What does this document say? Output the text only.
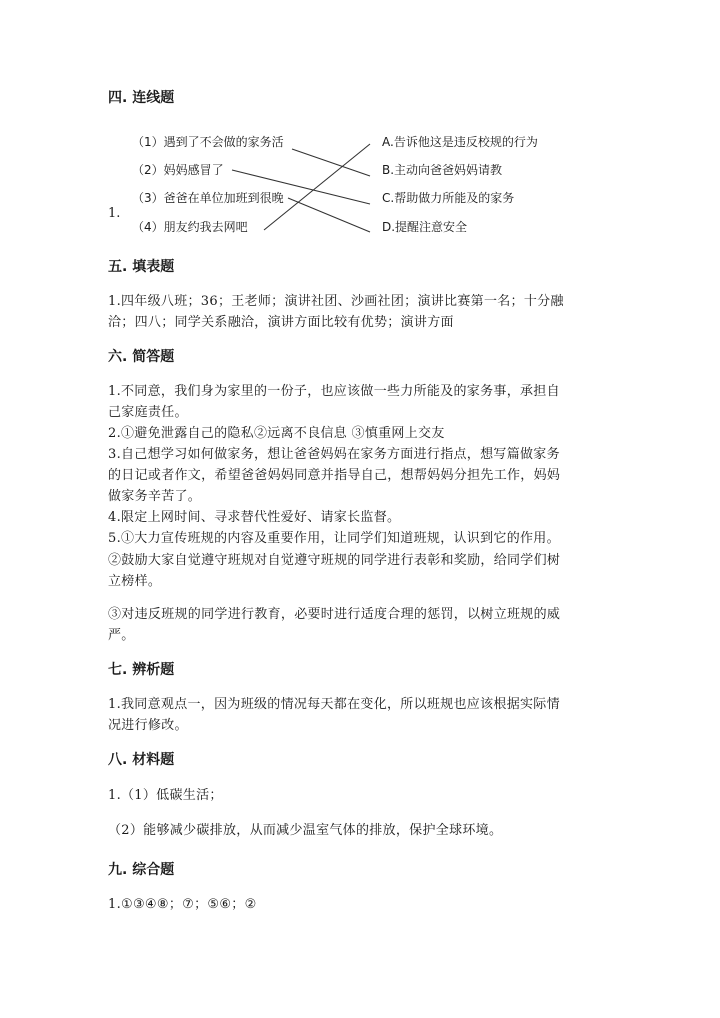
四. 连线题
1.
（1）遇到了不会做的家务活
（2）妈妈感冒了
（3）爸爸在单位加班到很晚
（4）朋友约我去网吧
A.告诉他这是违反校规的行为
B.主动向爸爸妈妈请教
C.帮助做力所能及的家务
D.提醒注意安全
五. 填表题
1.四年级八班；36；王老师；演讲社团、沙画社团；演讲比赛第一名；十分融
洽；四八；同学关系融洽，演讲方面比较有优势；演讲方面
六. 简答题
1.不同意，我们身为家里的一份子，也应该做一些力所能及的家务事，承担自
己家庭责任。
2.①避免泄露自己的隐私②远离不良信息 ③慎重网上交友
3.自己想学习如何做家务，想让爸爸妈妈在家务方面进行指点，想写篇做家务
的日记或者作文，希望爸爸妈妈同意并指导自己，想帮妈妈分担先工作，妈妈
做家务辛苦了。
4.限定上网时间、寻求替代性爱好、请家长监督。
5.①大力宣传班规的内容及重要作用，让同学们知道班规，认识到它的作用。
②鼓励大家自觉遵守班规对自觉遵守班规的同学进行表彰和奖励，给同学们树
立榜样。
③对违反班规的同学进行教育，必要时进行适度合理的惩罚，以树立班规的威
严。
七. 辨析题
1.我同意观点一，因为班级的情况每天都在变化，所以班规也应该根据实际情
况进行修改。
八. 材料题
1.（1）低碳生活；
（2）能够减少碳排放，从而减少温室气体的排放，保护全球环境。
九. 综合题
1.①③④⑧；⑦；⑤⑥；②
